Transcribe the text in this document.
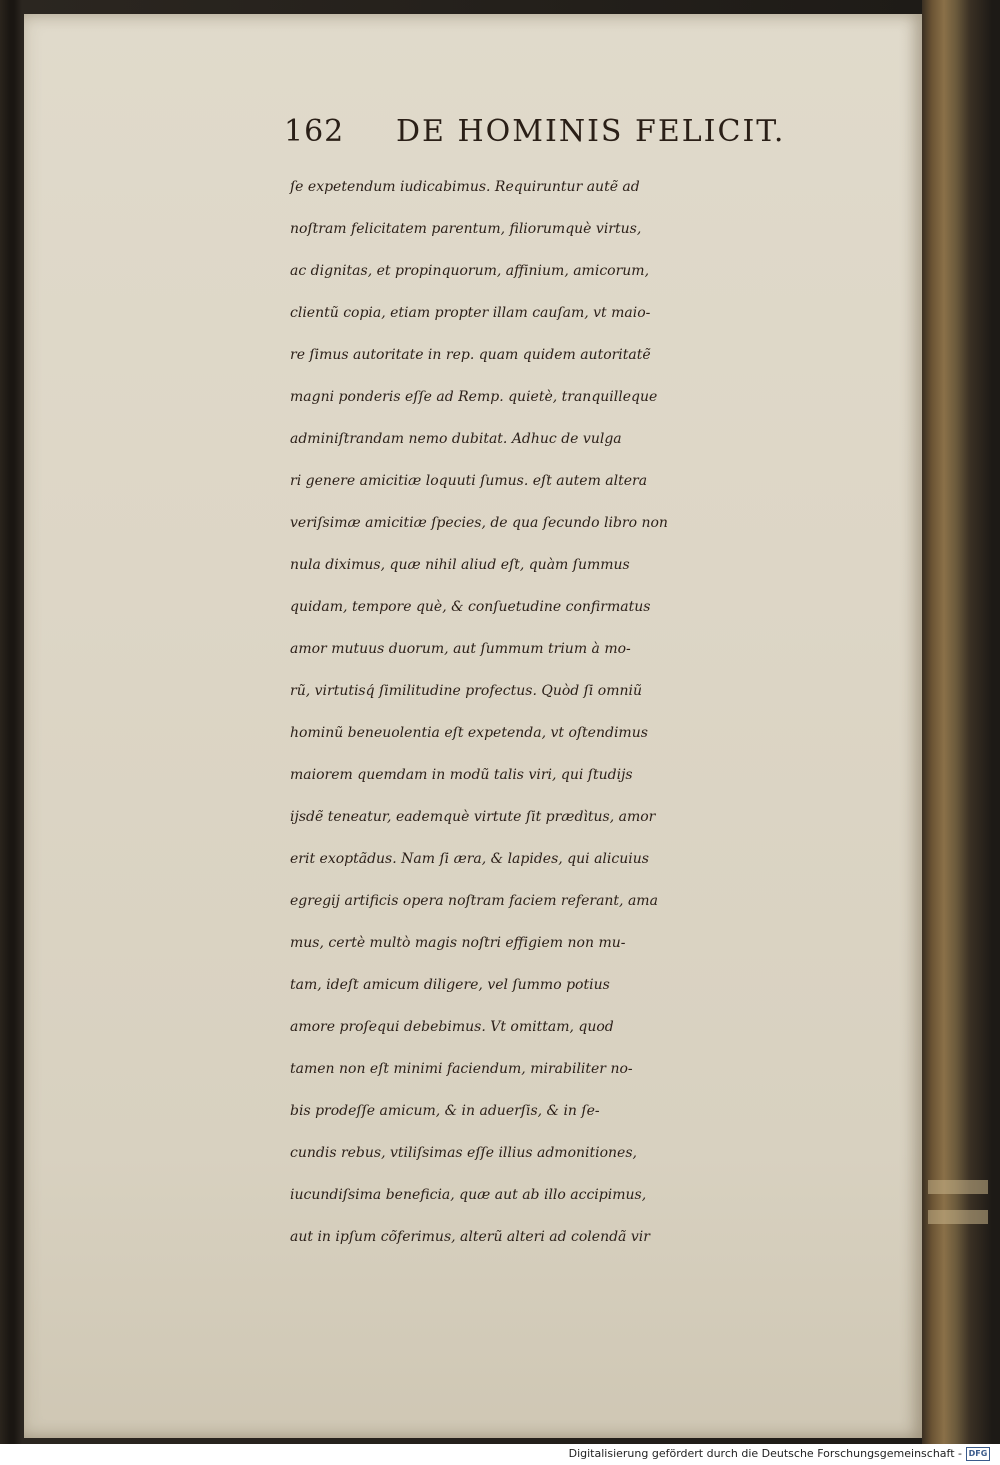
162 DE HOMINIS FELICIT.
ſe expetendum iudicabimus. Requiruntur autẽ ad
noſtram felicitatem parentum, filiorumquè virtus,
ac dignitas, et propinquorum, affinium, amicorum,
clientũ copia, etiam propter illam cauſam, vt maio-
re ſimus autoritate in rep. quam quidem autoritatẽ
magni ponderis eſſe ad Remp. quietè, tranquilleque
adminiſtrandam nemo dubitat. Adhuc de vulga
ri genere amicitiæ loquuti ſumus. eſt autem altera
veriſsimæ amicitiæ ſpecies, de qua ſecundo libro non
nula diximus, quæ nihil aliud eſt, quàm ſummus
quidam, tempore què, & conſuetudine confirmatus
amor mutuus duorum, aut ſummum trium à mo-
rũ, virtutisq́ ſimilitudine profectus. Quòd ſi omniũ
hominũ beneuolentia eſt expetenda, vt oſtendimus
maiorem quemdam in modũ talis viri, qui ſtudijs
ijsdẽ teneatur, eademquè virtute ſit prædìtus, amor
erit exoptãdus. Nam ſi æra, & lapides, qui alicuius
egregij artificis opera noſtram faciem referant, ama
mus, certè multò magis noſtri effigiem non mu-
tam, ideſt amicum diligere, vel ſummo potius
amore proſequi debebimus. Vt omittam, quod
tamen non eſt minimi faciendum, mirabiliter no-
bis prodeſſe amicum, & in aduerſis, & in ſe-
cundis rebus, vtiliſsimas eſſe illius admonitiones,
iucundiſsima beneficia, quæ aut ab illo accipimus,
aut in ipſum cõferimus, alterũ alteri ad colendã vir
Digitalisierung gefördert durch die Deutsche Forschungsgemeinschaft - DFG
